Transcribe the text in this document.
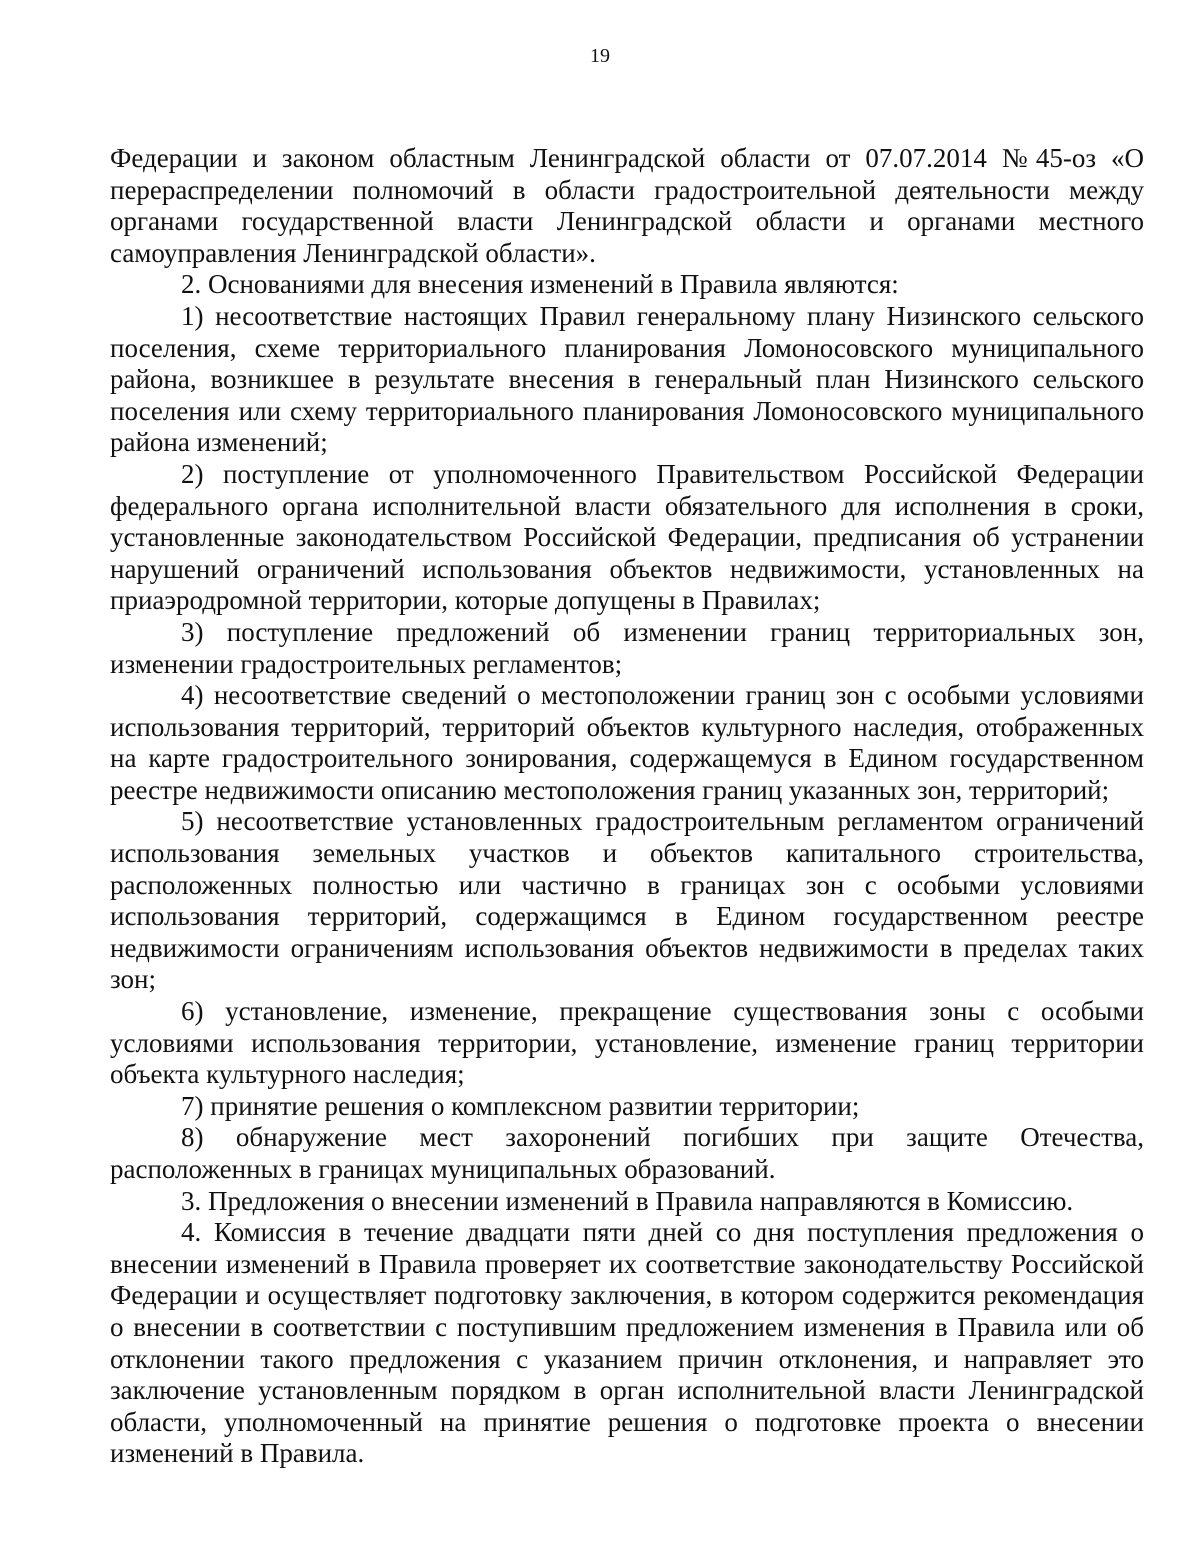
19

Федерации и законом областным Ленинградской области от 07.07.2014 №45-оз «О перераспределении полномочий в области градостроительной деятельности между органами государственной власти Ленинградской области и органами местного самоуправления Ленинградской области».

2. Основаниями для внесения изменений в Правила являются:

1) несоответствие настоящих Правил генеральному плану Низинского сельского поселения, схеме территориального планирования Ломоносовского муниципального района, возникшее в результате внесения в генеральный план Низинского сельского поселения или схему территориального планирования Ломоносовского муниципального района изменений;

2) поступление от уполномоченного Правительством Российской Федерации федерального органа исполнительной власти обязательного для исполнения в сроки, установленные законодательством Российской Федерации, предписания об устранении нарушений ограничений использования объектов недвижимости, установленных на приаэродромной территории, которые допущены в Правилах;

3) поступление предложений об изменении границ территориальных зон, изменении градостроительных регламентов;

4) несоответствие сведений о местоположении границ зон с особыми условиями использования территорий, территорий объектов культурного наследия, отображенных на карте градостроительного зонирования, содержащемуся в Едином государственном реестре недвижимости описанию местоположения границ указанных зон, территорий;

5) несоответствие установленных градостроительным регламентом ограничений использования земельных участков и объектов капитального строительства, расположенных полностью или частично в границах зон с особыми условиями использования территорий, содержащимся в Едином государственном реестре недвижимости ограничениям использования объектов недвижимости в пределах таких зон;

6) установление, изменение, прекращение существования зоны с особыми условиями использования территории, установление, изменение границ территории объекта культурного наследия;

7) принятие решения о комплексном развитии территории;

8) обнаружение мест захоронений погибших при защите Отечества, расположенных в границах муниципальных образований.

3. Предложения о внесении изменений в Правила направляются в Комиссию.

4. Комиссия в течение двадцати пяти дней со дня поступления предложения о внесении изменений в Правила проверяет их соответствие законодательству Российской Федерации и осуществляет подготовку заключения, в котором содержится рекомендация о внесении в соответствии с поступившим предложением изменения в Правила или об отклонении такого предложения с указанием причин отклонения, и направляет это заключение установленным порядком в орган исполнительной власти Ленинградской области, уполномоченный на принятие решения о подготовке проекта о внесении изменений в Правила.
